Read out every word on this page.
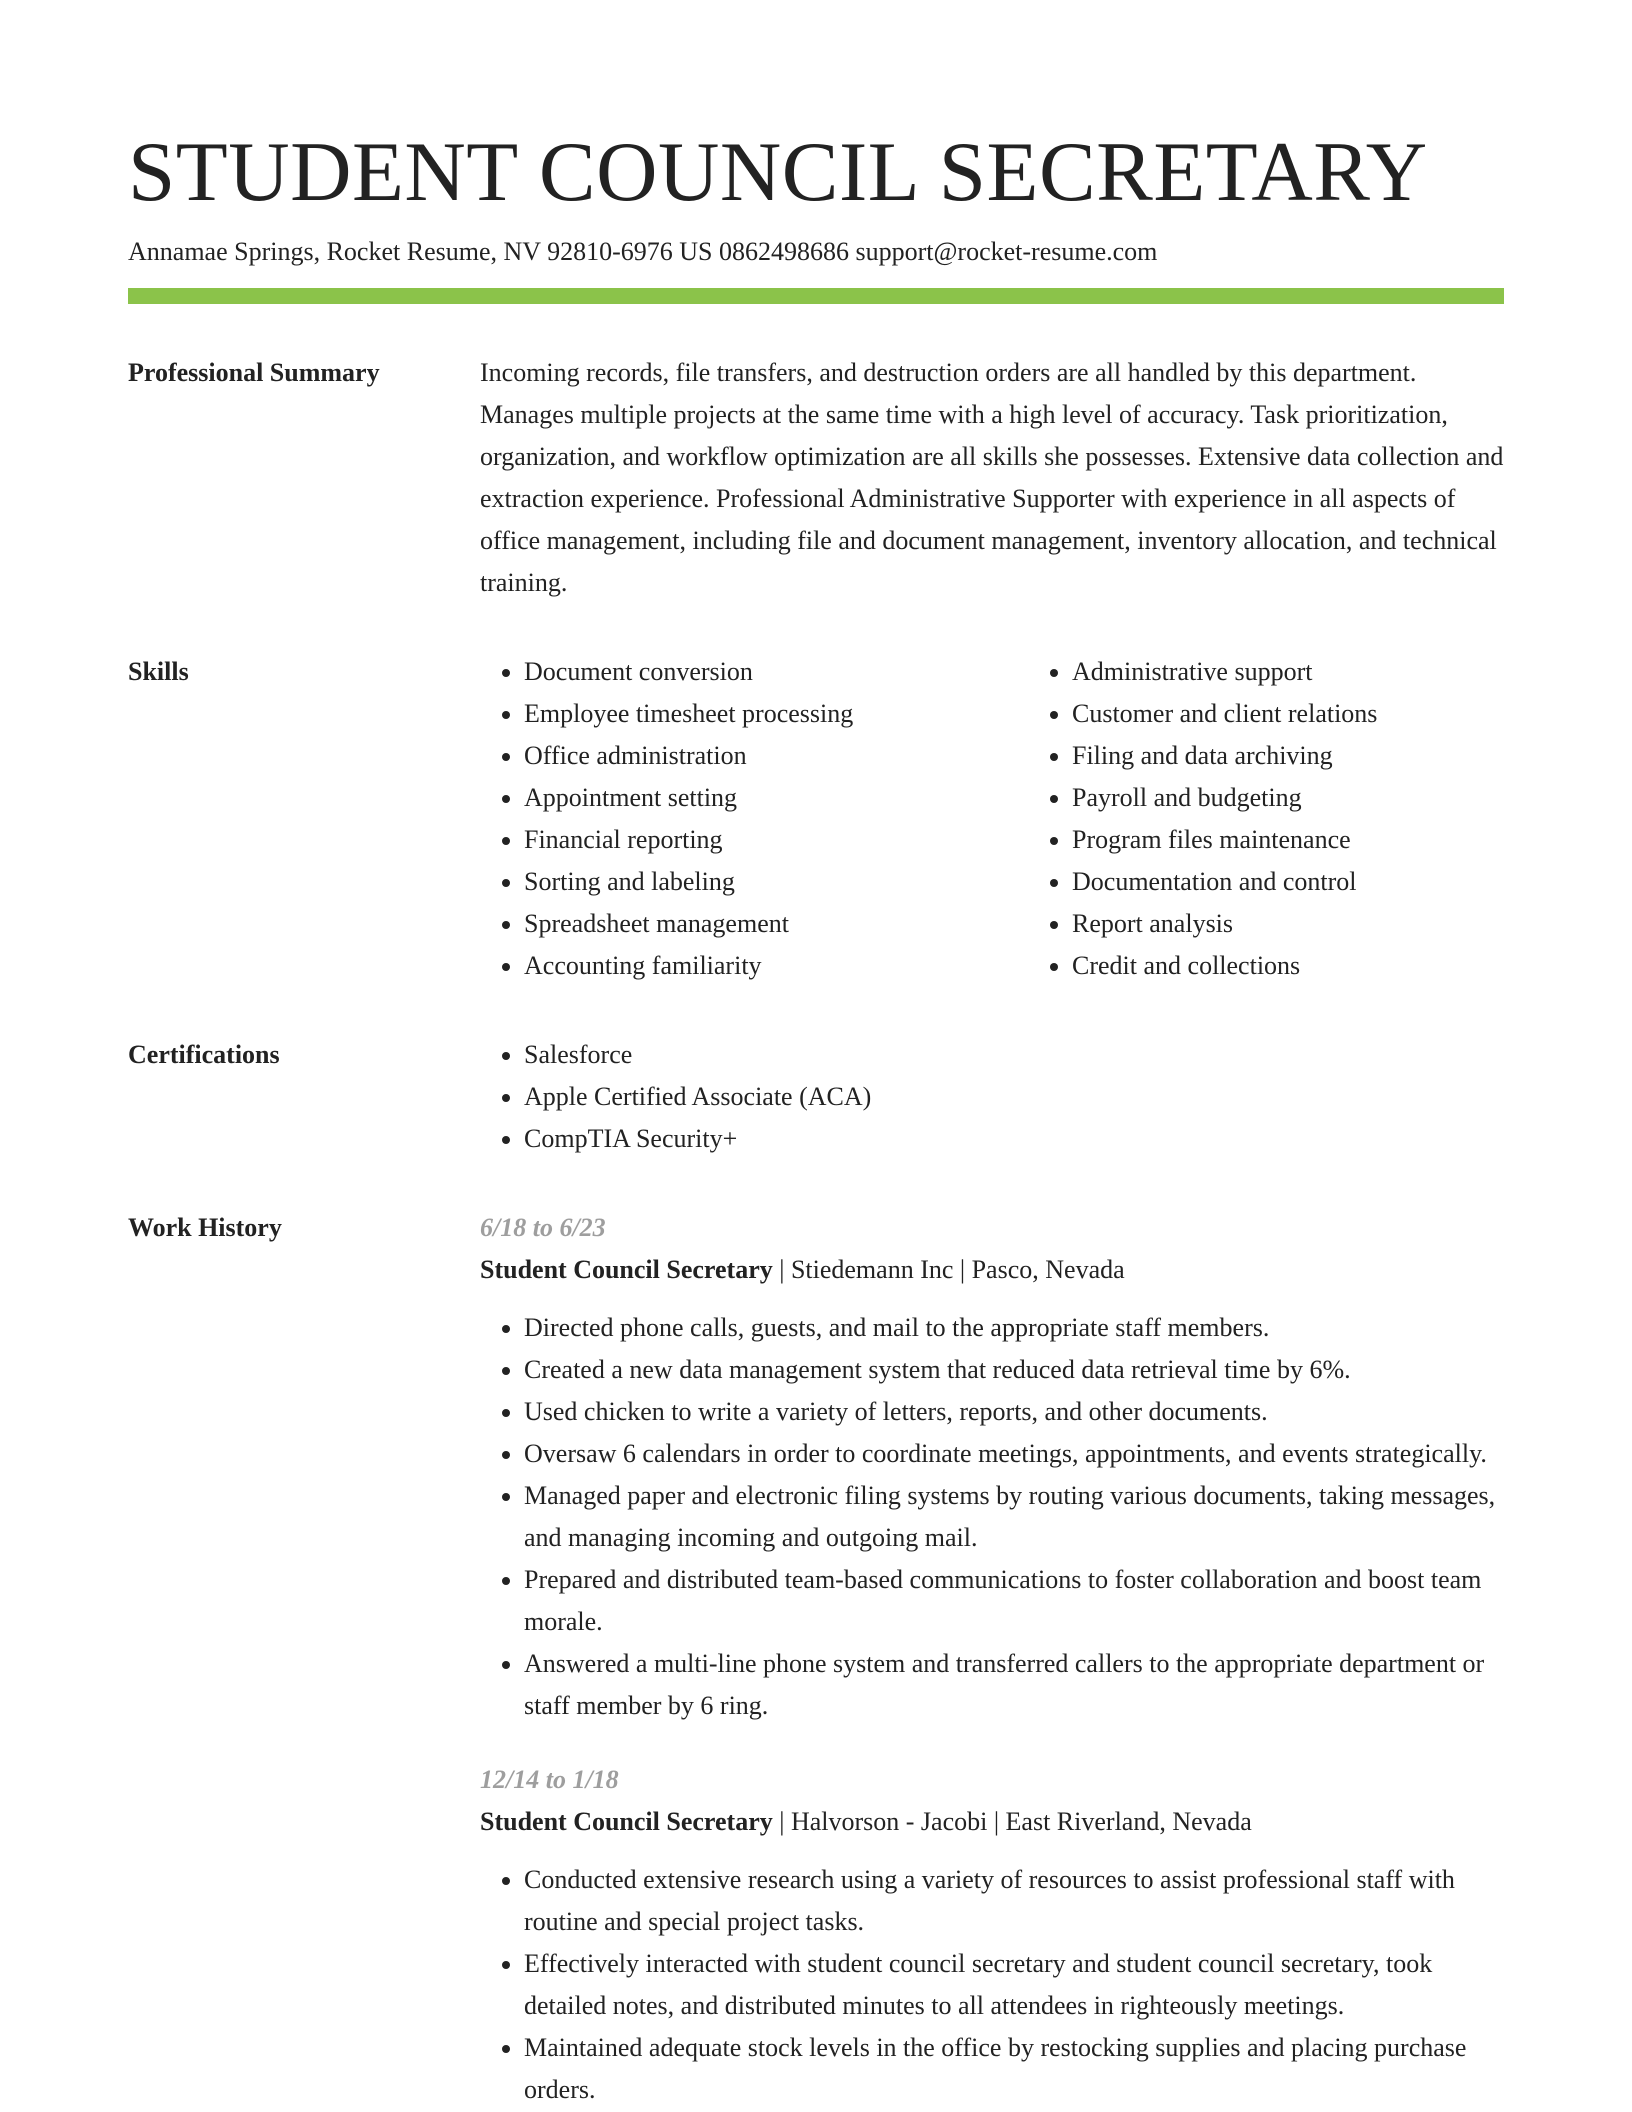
STUDENT COUNCIL SECRETARY
Annamae Springs, Rocket Resume, NV 92810-6976 US 0862498686 support@rocket-resume.com
Professional Summary	Incoming records, file transfers, and destruction orders are all handled by this department. Manages multiple projects at the same time with a high level of accuracy. Task prioritization, organization, and workflow optimization are all skills she possesses. Extensive data collection and extraction experience. Professional Administrative Supporter with experience in all aspects of office management, including file and document management, inventory allocation, and technical training.

Skills	• Document conversion
• Employee timesheet processing
• Office administration
• Appointment setting
• Financial reporting
• Sorting and labeling
• Spreadsheet management
• Accounting familiarity
• Administrative support
• Customer and client relations
• Filing and data archiving
• Payroll and budgeting
• Program files maintenance
• Documentation and control
• Report analysis
• Credit and collections
Certifications	• Salesforce
• Apple Certified Associate (ACA)
• CompTIA Security+
Work History	6/18 to 6/23
Student Council Secretary | Stiedemann Inc | Pasco, Nevada
• Directed phone calls, guests, and mail to the appropriate staff members.
• Created a new data management system that reduced data retrieval time by 6%.
• Used chicken to write a variety of letters, reports, and other documents.
• Oversaw 6 calendars in order to coordinate meetings, appointments, and events strategically.
• Managed paper and electronic filing systems by routing various documents, taking messages, and managing incoming and outgoing mail.
• Prepared and distributed team-based communications to foster collaboration and boost team morale.
• Answered a multi-line phone system and transferred callers to the appropriate department or staff member by 6 ring.
12/14 to 1/18
Student Council Secretary | Halvorson - Jacobi | East Riverland, Nevada
• Conducted extensive research using a variety of resources to assist professional staff with routine and special project tasks.
• Effectively interacted with student council secretary and student council secretary, took detailed notes, and distributed minutes to all attendees in righteously meetings.
• Maintained adequate stock levels in the office by restocking supplies and placing purchase orders.
